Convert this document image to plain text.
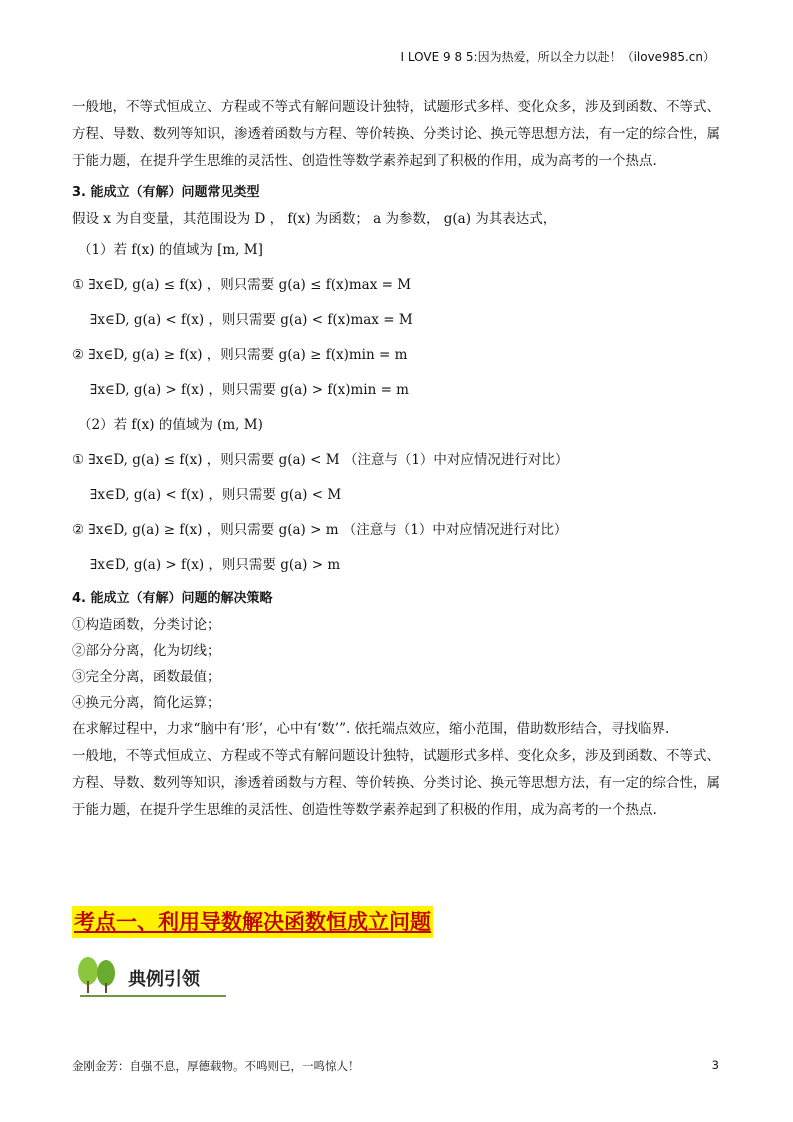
I LOVE 9 8 5:因为热爱，所以全力以赴！（ilove985.cn）

一般地，不等式恒成立、方程或不等式有解问题设计独特，试题形式多样、变化众多，涉及到函数、不等式、方程、导数、数列等知识，渗透着函数与方程、等价转换、分类讨论、换元等思想方法，有一定的综合性，属于能力题，在提升学生思维的灵活性、创造性等数学素养起到了积极的作用，成为高考的一个热点.

3. 能成立（有解）问题常见类型

假设 x 为自变量，其范围设为 D ， f(x) 为函数； a 为参数， g(a) 为其表达式，

（1）若 f(x) 的值域为 [m, M]

① ∃x∈D, g(a) ≤ f(x) ，则只需要 g(a) ≤ f(x)max = M

∃x∈D, g(a) < f(x) ，则只需要 g(a) < f(x)max = M

② ∃x∈D, g(a) ≥ f(x) ，则只需要 g(a) ≥ f(x)min = m

∃x∈D, g(a) > f(x) ，则只需要 g(a) > f(x)min = m

（2）若 f(x) 的值域为 (m, M)

① ∃x∈D, g(a) ≤ f(x) ，则只需要 g(a) < M （注意与（1）中对应情况进行对比）

∃x∈D, g(a) < f(x) ，则只需要 g(a) < M

② ∃x∈D, g(a) ≥ f(x) ，则只需要 g(a) > m （注意与（1）中对应情况进行对比）

∃x∈D, g(a) > f(x) ，则只需要 g(a) > m

4. 能成立（有解）问题的解决策略

①构造函数，分类讨论；

②部分分离，化为切线；

③完全分离，函数最值；

④换元分离，简化运算；

在求解过程中，力求“脑中有‘形’，心中有‘数’”. 依托端点效应，缩小范围，借助数形结合，寻找临界.

一般地，不等式恒成立、方程或不等式有解问题设计独特，试题形式多样、变化众多，涉及到函数、不等式、方程、导数、数列等知识，渗透着函数与方程、等价转换、分类讨论、换元等思想方法，有一定的综合性，属于能力题，在提升学生思维的灵活性、创造性等数学素养起到了积极的作用，成为高考的一个热点.

考点一、利用导数解决函数恒成立问题
典例引领
金刚金芳：自强不息，厚德载物。不鸣则已，一鸣惊人！	3
